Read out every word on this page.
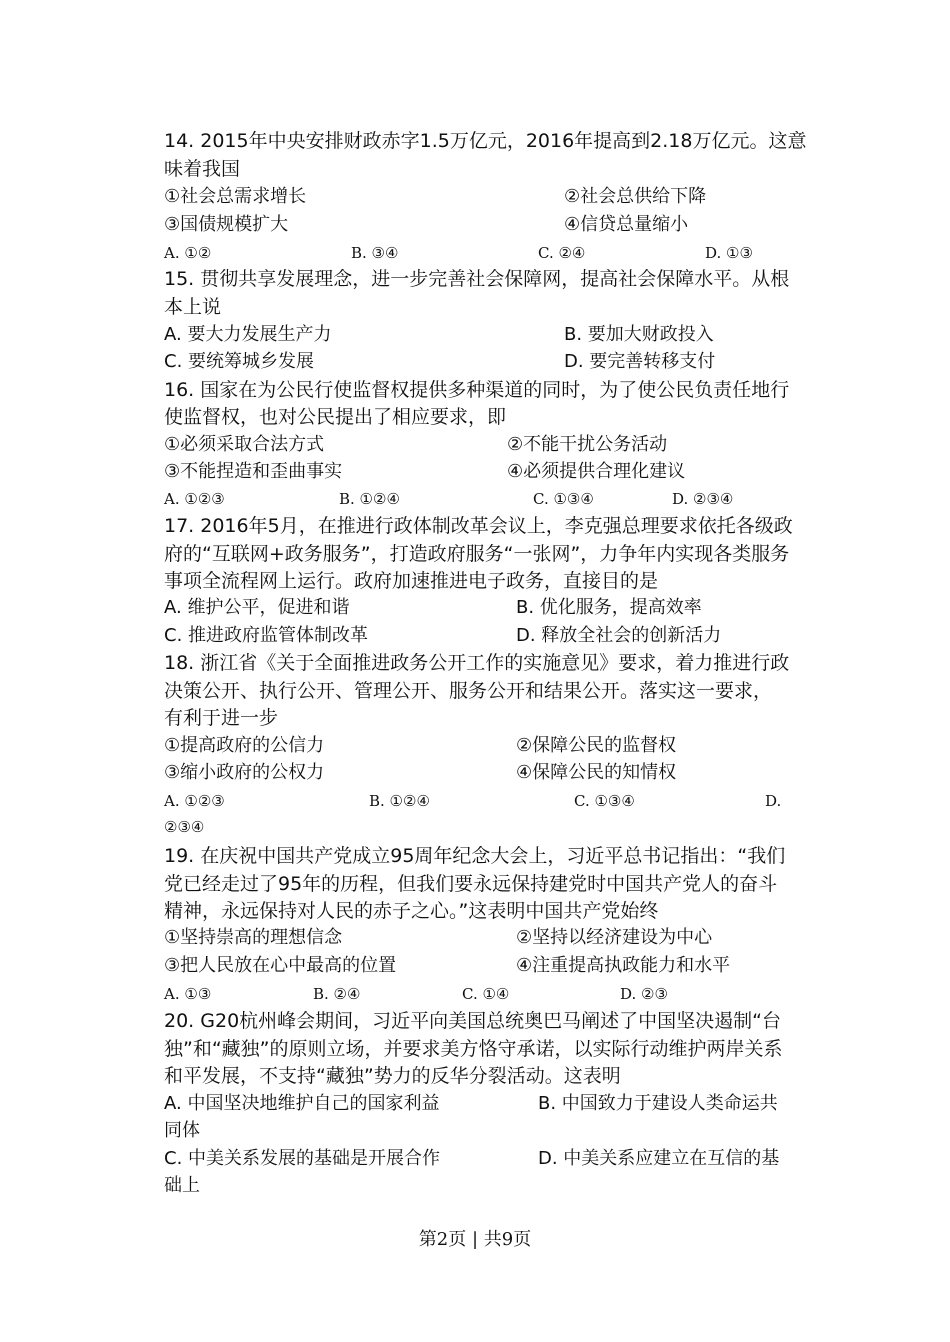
14. 2015年中央安排财政赤字1.5万亿元，2016年提高到2.18万亿元。这意
味着我国
①社会总需求增长	②社会总供给下降
③国债规模扩大	④信贷总量缩小
A. ①②	B. ③④	C. ②④	D. ①③
15. 贯彻共享发展理念，进一步完善社会保障网，提高社会保障水平。从根
本上说
A. 要大力发展生产力	B. 要加大财政投入
C. 要统筹城乡发展	D. 要完善转移支付
16. 国家在为公民行使监督权提供多种渠道的同时，为了使公民负责任地行
使监督权，也对公民提出了相应要求，即
①必须采取合法方式	②不能干扰公务活动
③不能捏造和歪曲事实	④必须提供合理化建议
A. ①②③	B. ①②④	C. ①③④	D. ②③④
17. 2016年5月，在推进行政体制改革会议上，李克强总理要求依托各级政
府的“互联网+政务服务”，打造政府服务“一张网”，力争年内实现各类服务
事项全流程网上运行。政府加速推进电子政务，直接目的是
A. 维护公平，促进和谐	B. 优化服务，提高效率
C. 推进政府监管体制改革	D. 释放全社会的创新活力
18. 浙江省《关于全面推进政务公开工作的实施意见》要求，着力推进行政
决策公开、执行公开、管理公开、服务公开和结果公开。落实这一要求，
有利于进一步
①提高政府的公信力	②保障公民的监督权
③缩小政府的公权力	④保障公民的知情权
A. ①②③	B. ①②④	C. ①③④	D.
②③④
19. 在庆祝中国共产党成立95周年纪念大会上，习近平总书记指出：“我们
党已经走过了95年的历程，但我们要永远保持建党时中国共产党人的奋斗
精神，永远保持对人民的赤子之心。”这表明中国共产党始终
①坚持崇高的理想信念	②坚持以经济建设为中心
③把人民放在心中最高的位置	④注重提高执政能力和水平
A. ①③	B. ②④	C. ①④	D. ②③
20. G20杭州峰会期间，习近平向美国总统奥巴马阐述了中国坚决遏制“台
独”和“藏独”的原则立场，并要求美方恪守承诺，以实际行动维护两岸关系
和平发展，不支持“藏独”势力的反华分裂活动。这表明
A. 中国坚决地维护自己的国家利益	B. 中国致力于建设人类命运共
同体
C. 中美关系发展的基础是开展合作	D. 中美关系应建立在互信的基
础上
第2页 | 共9页
